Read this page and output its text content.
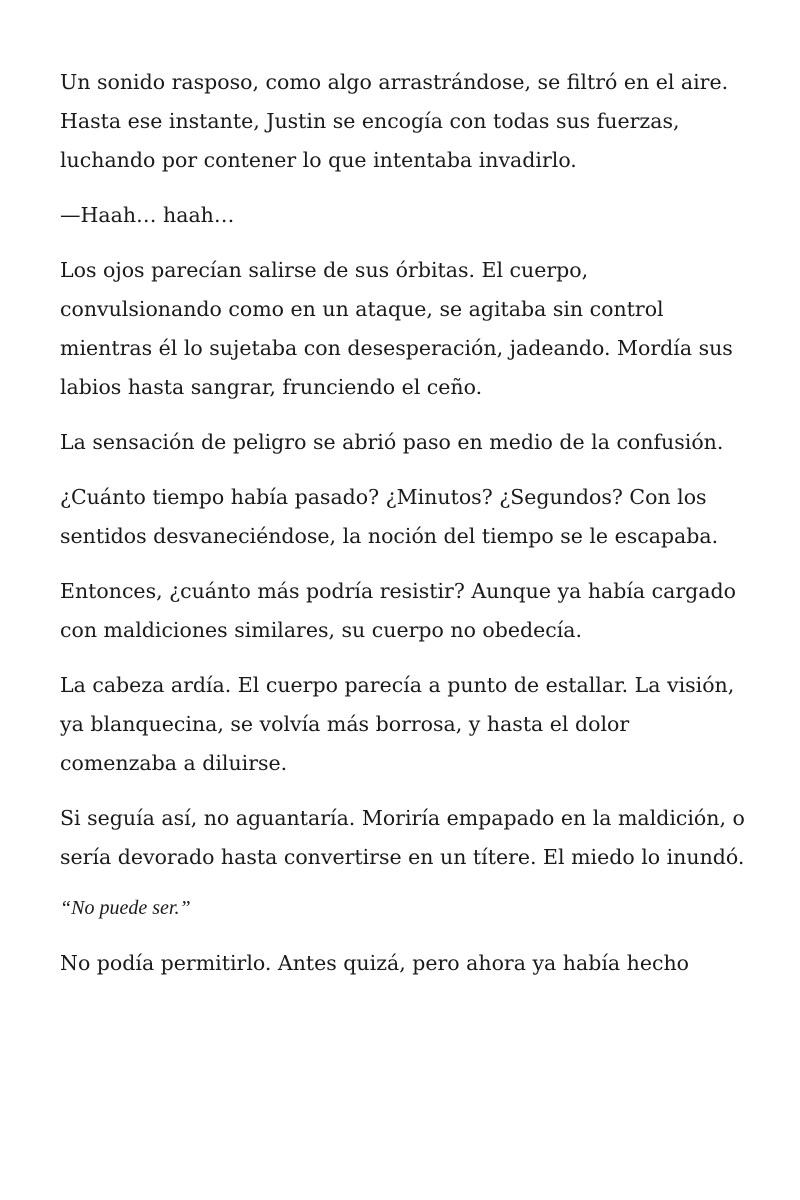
Un sonido rasposo, como algo arrastrándose, se filtró en el aire. Hasta ese instante, Justin se encogía con todas sus fuerzas, luchando por contener lo que intentaba invadirlo.

—Haah… haah…

Los ojos parecían salirse de sus órbitas. El cuerpo, convulsionando como en un ataque, se agitaba sin control mientras él lo sujetaba con desesperación, jadeando. Mordía sus labios hasta sangrar, frunciendo el ceño.

La sensación de peligro se abrió paso en medio de la confusión.

¿Cuánto tiempo había pasado? ¿Minutos? ¿Segundos? Con los sentidos desvaneciéndose, la noción del tiempo se le escapaba.

Entonces, ¿cuánto más podría resistir? Aunque ya había cargado con maldiciones similares, su cuerpo no obedecía.

La cabeza ardía. El cuerpo parecía a punto de estallar. La visión, ya blanquecina, se volvía más borrosa, y hasta el dolor comenzaba a diluirse.

Si seguía así, no aguantaría. Moriría empapado en la maldición, o sería devorado hasta convertirse en un títere. El miedo lo inundó.

“No puede ser.”

No podía permitirlo. Antes quizá, pero ahora ya había hecho
